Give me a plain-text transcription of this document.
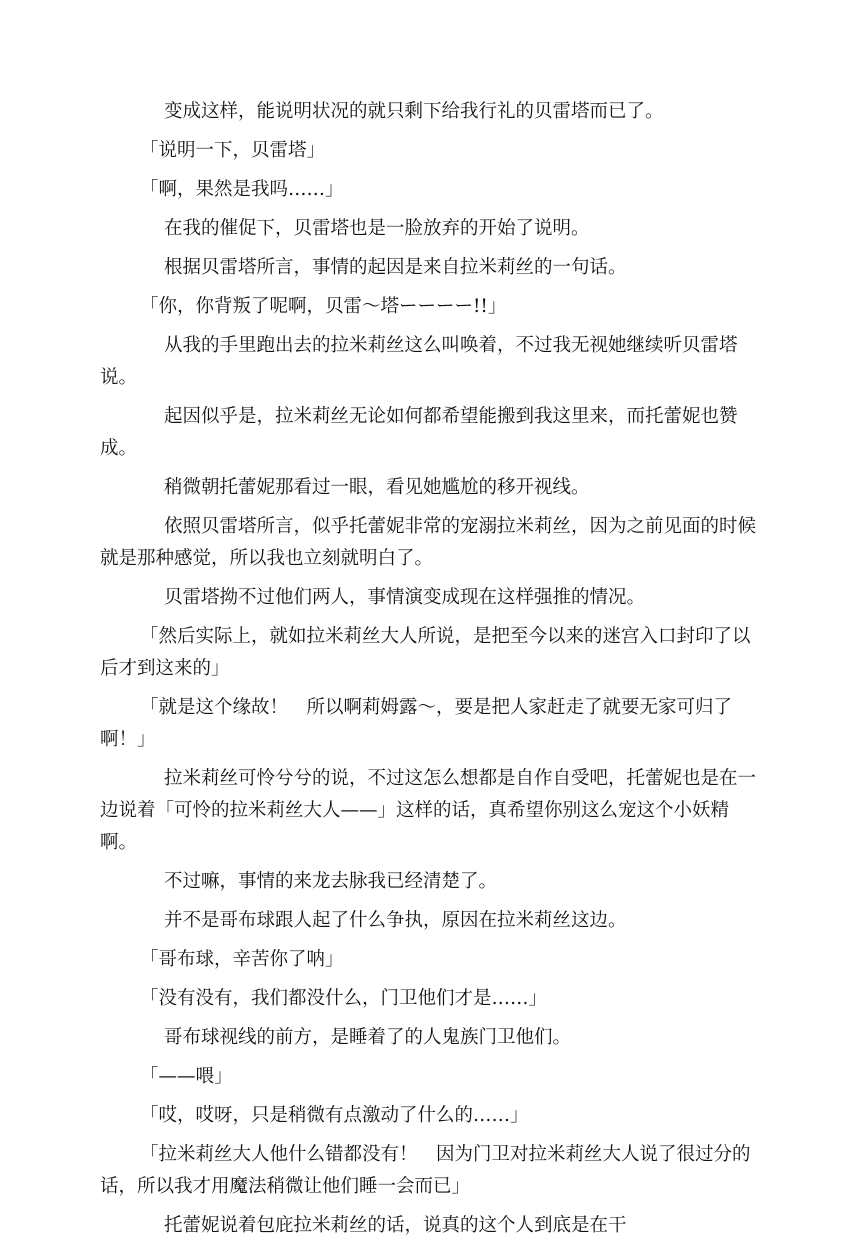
变成这样，能说明状况的就只剩下给我行礼的贝雷塔而已了。

「说明一下，贝雷塔」

「啊，果然是我吗……」

在我的催促下，贝雷塔也是一脸放弃的开始了说明。

根据贝雷塔所言，事情的起因是来自拉米莉丝的一句话。

「你，你背叛了呢啊，贝雷～塔ーーーー!!」

从我的手里跑出去的拉米莉丝这么叫唤着，不过我无视她继续听贝雷塔说。

起因似乎是，拉米莉丝无论如何都希望能搬到我这里来，而托蕾妮也赞成。

稍微朝托蕾妮那看过一眼，看见她尴尬的移开视线。

依照贝雷塔所言，似乎托蕾妮非常的宠溺拉米莉丝，因为之前见面的时候就是那种感觉，所以我也立刻就明白了。

贝雷塔拗不过他们两人，事情演变成现在这样强推的情况。

「然后实际上，就如拉米莉丝大人所说，是把至今以来的迷宫入口封印了以后才到这来的」

「就是这个缘故！　所以啊莉姆露～，要是把人家赶走了就要无家可归了啊！」

拉米莉丝可怜兮兮的说，不过这怎么想都是自作自受吧，托蕾妮也是在一边说着「可怜的拉米莉丝大人——」这样的话，真希望你别这么宠这个小妖精啊。

不过嘛，事情的来龙去脉我已经清楚了。

并不是哥布球跟人起了什么争执，原因在拉米莉丝这边。

「哥布球，辛苦你了呐」

「没有没有，我们都没什么，门卫他们才是……」

哥布球视线的前方，是睡着了的人鬼族门卫他们。

「——喂」

「哎，哎呀，只是稍微有点激动了什么的……」

「拉米莉丝大人他什么错都没有！　因为门卫对拉米莉丝大人说了很过分的话，所以我才用魔法稍微让他们睡一会而已」

托蕾妮说着包庇拉米莉丝的话，说真的这个人到底是在干
